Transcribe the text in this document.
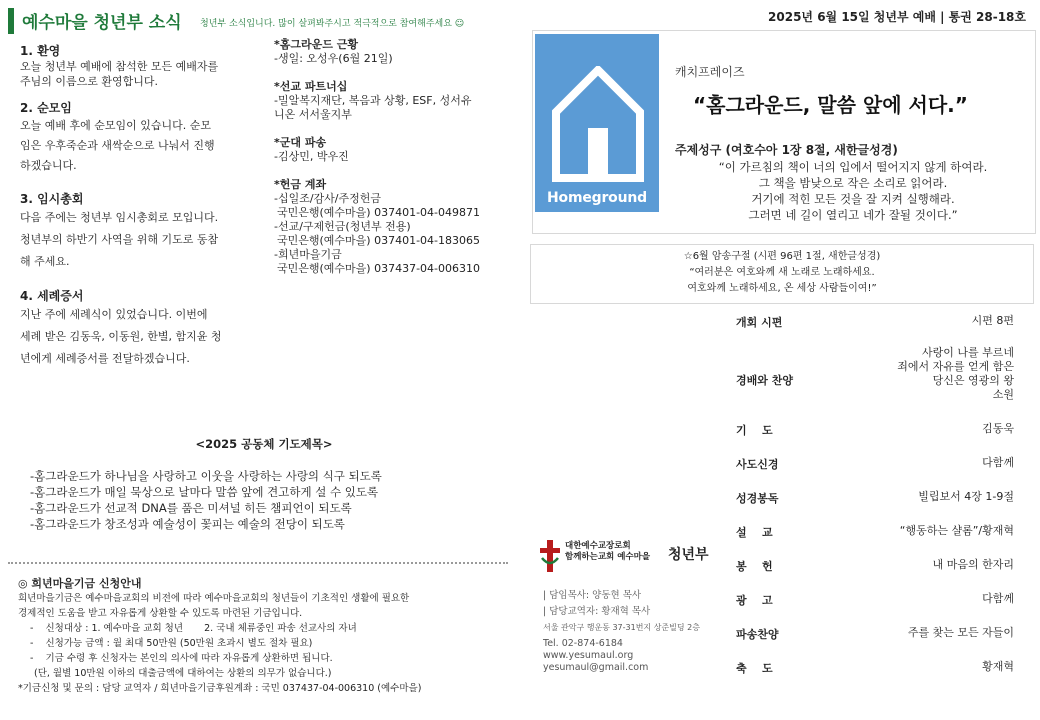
예수마을 청년부 소식 청년부 소식입니다. 많이 살펴봐주시고 적극적으로 참여해주세요 ☺	2025년 6월 15일 청년부 예배 | 통권 28-18호
1. 환영
오늘 청년부 예배에 참석한 모든 예배자를
주님의 이름으로 환영합니다.
2. 순모임
오늘 예배 후에 순모임이 있습니다. 순모
임은 우후죽순과 새싹순으로 나눠서 진행
하겠습니다.
3. 임시총회
다음 주에는 청년부 임시총회로 모입니다.
청년부의 하반기 사역을 위해 기도로 동참
해 주세요.
4. 세례증서
지난 주에 세례식이 있었습니다. 이번에
세례 받은 김동욱, 이동원, 한별, 함지윤 청
년에게 세례증서를 전달하겠습니다.
*홈그라운드 근황
-생일: 오성우(6월 21일)
*선교 파트너십
-밀알복지재단, 복음과 상황, ESF, 성서유
니온 서서울지부
*군대 파송
-김상민, 박우진
*헌금 계좌
-십일조/감사/주정헌금
국민은행(예수마을) 037401-04-049871
-선교/구제헌금(청년부 전용)
국민은행(예수마을) 037401-04-183065
-희년마을기금
국민은행(예수마을) 037437-04-006310
<2025 공동체 기도제목>
-홈그라운드가 하나님을 사랑하고 이웃을 사랑하는 사랑의 식구 되도록
-홈그라운드가 매일 묵상으로 날마다 말씀 앞에 견고하게 설 수 있도록
-홈그라운드가 선교적 DNA를 품은 미셔널 히든 챔피언이 되도록
-홈그라운드가 창조성과 예술성이 꽃피는 예술의 전당이 되도록
◎ 희년마을기금 신청안내
희년마을기금은 예수마을교회의 비전에 따라 예수마을교회의 청년들이 기초적인 생활에 필요한
경제적인 도움을 받고 자유롭게 상환할 수 있도록 마련된 기금입니다.
-    신청대상 : 1. 예수마을 교회 청년       2. 국내 체류중인 파송 선교사의 자녀
-    신청가능 금액 : 월 최대 50만원 (50만원 초과시 별도 절차 필요)
-    기금 수령 후 신청자는 본인의 의사에 따라 자유롭게 상환하면 됩니다.
(단, 월별 10만원 이하의 대출금액에 대하여는 상환의 의무가 없습니다.)
*기금신청 및 문의 : 담당 교역자 / 희년마을기금후원계좌 : 국민 037437-04-006310 (예수마을)
Homeground
캐치프레이즈
“홈그라운드, 말씀 앞에 서다.”
주제성구 (여호수아 1장 8절, 새한글성경)
“이 가르침의 책이 너의 입에서 떨어지지 않게 하여라.
그 책을 밤낮으로 작은 소리로 읽어라.
거기에 적힌 모든 것을 잘 지켜 실행해라.
그러면 네 길이 열리고 네가 잘될 것이다.”
☆6월 암송구절 (시편 96편 1절, 새한글성경)
“여러분은 여호와께 새 노래로 노래하세요.
여호와께 노래하세요, 온 세상 사람들이여!”
개회 시편	시편 8편
경배와 찬양
사랑이 나를 부르네
죄에서 자유를 얻게 함은
당신은 영광의 왕
소원
기    도	김동욱
사도신경	다함께
성경봉독	빌립보서 4장 1-9절
설    교	“행동하는 샬롬”/황재혁
봉    헌	내 마음의 한자리
광    고	다함께
파송찬양	주를 찾는 모든 자들이
축    도	황재혁
대한예수교장로회
함께하는교회 예수마을 청년부
| 담임목사: 양동현 목사
| 담당교역자: 황재혁 목사
서울 관악구 행운동 37-31번지 상준빌딩 2층
Tel. 02-874-6184
www.yesumaul.org
yesumaul@gmail.com
